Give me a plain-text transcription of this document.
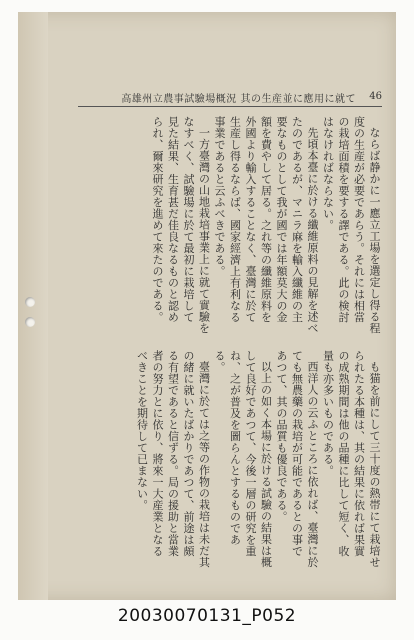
高雄州立農事試驗場概況 其の生産並に應用に就て 46

ならば静かに一應立工場を選定し得る程度の生産が必要であらう。それには相當の栽培面積を要する譯である。此の検討はなければならない。

先頃本臺に於ける纖維原料の見解を述べたのであるが、マニラ麻を輸入纖維の主要なものとして我が國では年額莫大の金額を費やして居る。之れ等の纖維原料を外國より輸入することなく、臺灣に於て生産し得るならば、國家經濟上有利なる事業であると云ふべきである。

一方臺灣の山地栽培事業上に就て實驗をなすべく、試驗場に於て最初に栽培して見た結果、生育甚だ佳良なるものと認められ、爾來研究を進めて來たのである。

も猫を前にして三十度の熱帯にて栽培せられたる本種は、其の結果に依れば果實の成熟期間は他の品種に比して短く、收量も亦多いものである。

西洋人の云ふところに依れば、臺灣に於ても無農藥の栽培が可能であるとの事であつて、其の品質も優良である。

以上の如く本場に於ける試驗の結果は概して良好であつて、今後一層の研究を重ね、之が普及を圖らんとするものである。

臺灣に於ては之等の作物の栽培は未だ其の緒に就いたばかりであつて、前途は頗る有望であると信ずる。局の援助と當業者の努力とに依り、將來一大産業となるべきことを期待して已まない。

20030070131_P052
